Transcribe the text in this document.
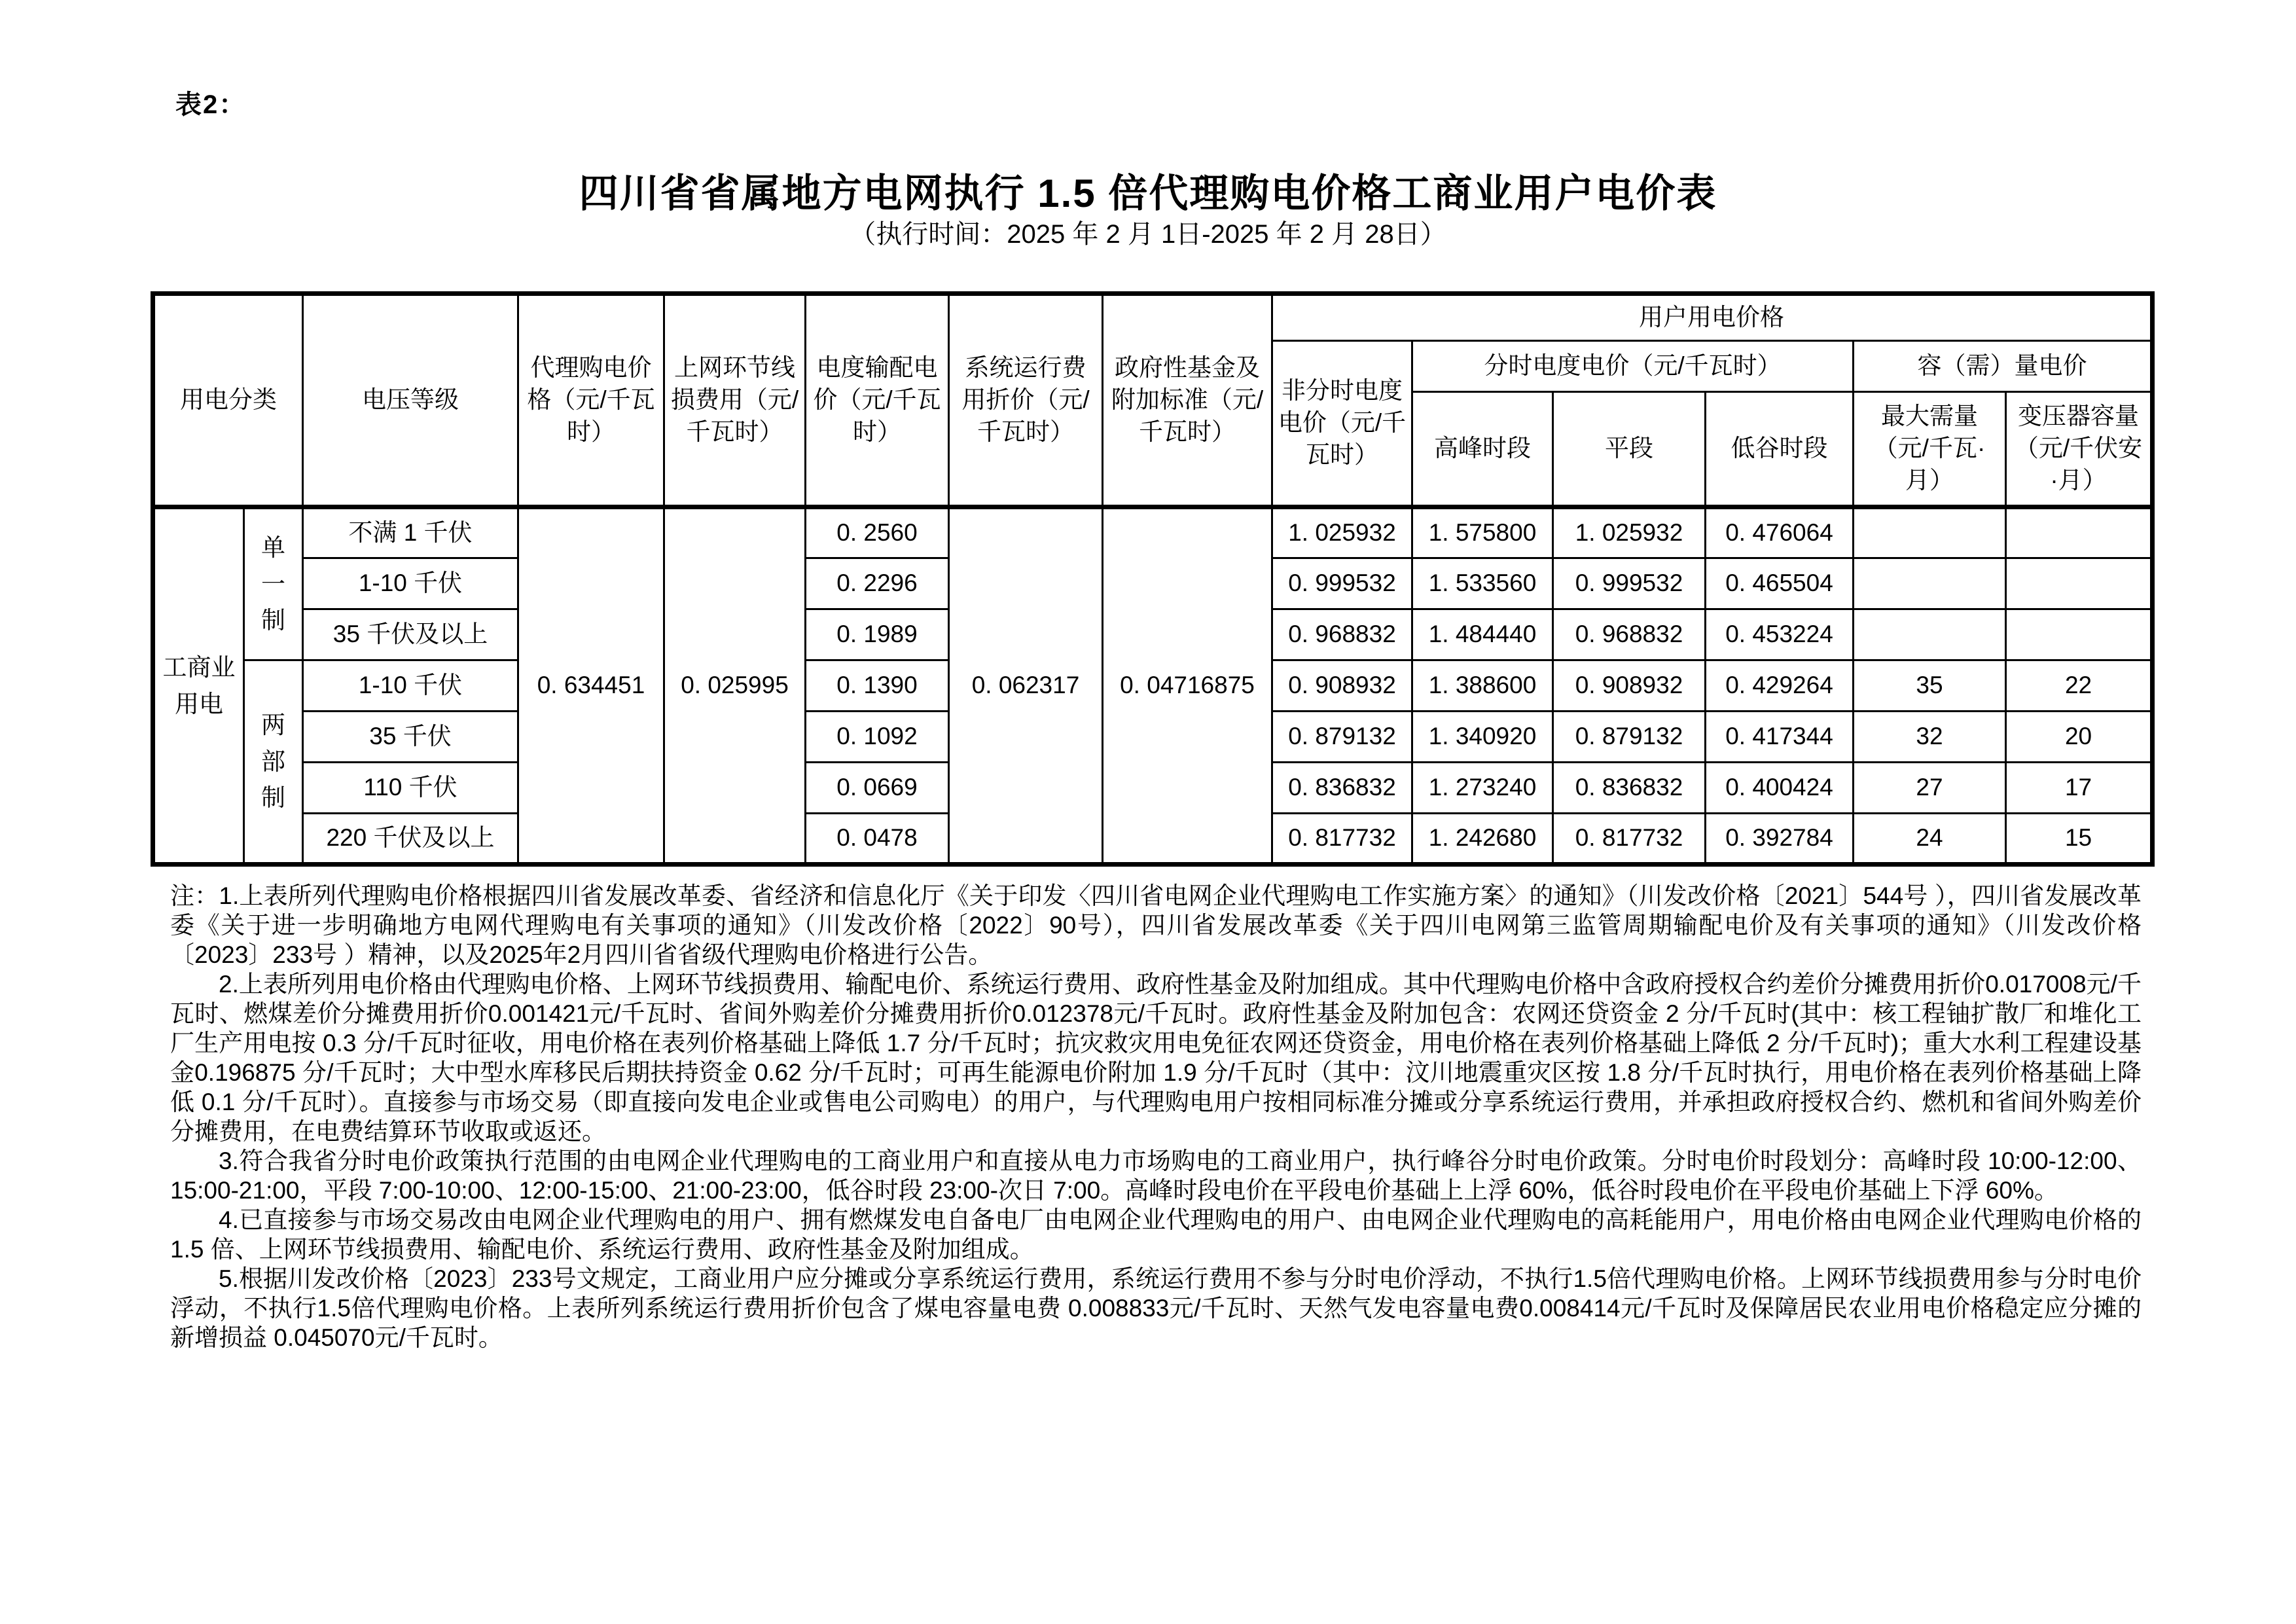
表2：
四川省省属地方电网执行 1.5 倍代理购电价格工商业用户电价表
（执行时间：2025 年 2 月 1日-2025 年 2 月 28日）
用电分类		电压等级	代理购电价格（元/千瓦时）	上网环节线损费用（元/千瓦时）	电度输配电价（元/千瓦时）	系统运行费用折价（元/千瓦时）	政府性基金及附加标准（元/千瓦时）	用户用电价格					
								非分时电度电价（元/千瓦时）	分时电度电价（元/千瓦时）			容（需）量电价	
									高峰时段	平段	低谷时段	最大需量（元/千瓦·月）	变压器容量（元/千伏安·月）
工商业用电	单一制	不满 1 千伏	0. 634451	0. 025995	0. 2560	0. 062317	0. 04716875	1. 025932	1. 575800	1. 025932	0. 476064		
		1-10 千伏			0. 2296			0. 999532	1. 533560	0. 999532	0. 465504		
		35 千伏及以上			0. 1989			0. 968832	1. 484440	0. 968832	0. 453224		
	两部制	1-10 千伏			0. 1390			0. 908932	1. 388600	0. 908932	0. 429264	35	22
		35 千伏			0. 1092			0. 879132	1. 340920	0. 879132	0. 417344	32	20
		110 千伏			0. 0669			0. 836832	1. 273240	0. 836832	0. 400424	27	17
		220 千伏及以上			0. 0478			0. 817732	1. 242680	0. 817732	0. 392784	24	15

注：1.上表所列代理购电价格根据四川省发展改革委、省经济和信息化厅《关于印发〈四川省电网企业代理购电工作实施方案〉的通知》（川发改价格〔2021〕544号 ），四川省发展改革委《关于进一步明确地方电网代理购电有关事项的通知》（川发改价格〔2022〕90号），四川省发展改革委《关于四川电网第三监管周期输配电价及有关事项的通知》（川发改价格〔2023〕233号 ）精神，以及2025年2月四川省省级代理购电价格进行公告。

2.上表所列用电价格由代理购电价格、上网环节线损费用、输配电价、系统运行费用、政府性基金及附加组成。其中代理购电价格中含政府授权合约差价分摊费用折价0.017008元/千瓦时、燃煤差价分摊费用折价0.001421元/千瓦时、省间外购差价分摊费用折价0.012378元/千瓦时。政府性基金及附加包含：农网还贷资金 2 分/千瓦时(其中：核工程铀扩散厂和堆化工厂生产用电按 0.3 分/千瓦时征收，用电价格在表列价格基础上降低 1.7 分/千瓦时；抗灾救灾用电免征农网还贷资金，用电价格在表列价格基础上降低 2 分/千瓦时)；重大水利工程建设基金0.196875 分/千瓦时；大中型水库移民后期扶持资金 0.62 分/千瓦时；可再生能源电价附加 1.9 分/千瓦时（其中：汶川地震重灾区按 1.8 分/千瓦时执行，用电价格在表列价格基础上降低 0.1 分/千瓦时）。直接参与市场交易（即直接向发电企业或售电公司购电）的用户，与代理购电用户按相同标准分摊或分享系统运行费用，并承担政府授权合约、燃机和省间外购差价分摊费用，在电费结算环节收取或返还。

3.符合我省分时电价政策执行范围的由电网企业代理购电的工商业用户和直接从电力市场购电的工商业用户，执行峰谷分时电价政策。分时电价时段划分：高峰时段 10:00-12:00、15:00-21:00，平段 7:00-10:00、12:00-15:00、21:00-23:00，低谷时段 23:00-次日 7:00。高峰时段电价在平段电价基础上上浮 60%，低谷时段电价在平段电价基础上下浮 60%。

4.已直接参与市场交易改由电网企业代理购电的用户、拥有燃煤发电自备电厂由电网企业代理购电的用户、由电网企业代理购电的高耗能用户，用电价格由电网企业代理购电价格的 1.5 倍、上网环节线损费用、输配电价、系统运行费用、政府性基金及附加组成。

5.根据川发改价格〔2023〕233号文规定，工商业用户应分摊或分享系统运行费用，系统运行费用不参与分时电价浮动，不执行1.5倍代理购电价格。上网环节线损费用参与分时电价浮动，不执行1.5倍代理购电价格。上表所列系统运行费用折价包含了煤电容量电费 0.008833元/千瓦时、天然气发电容量电费0.008414元/千瓦时及保障居民农业用电价格稳定应分摊的新增损益 0.045070元/千瓦时。
